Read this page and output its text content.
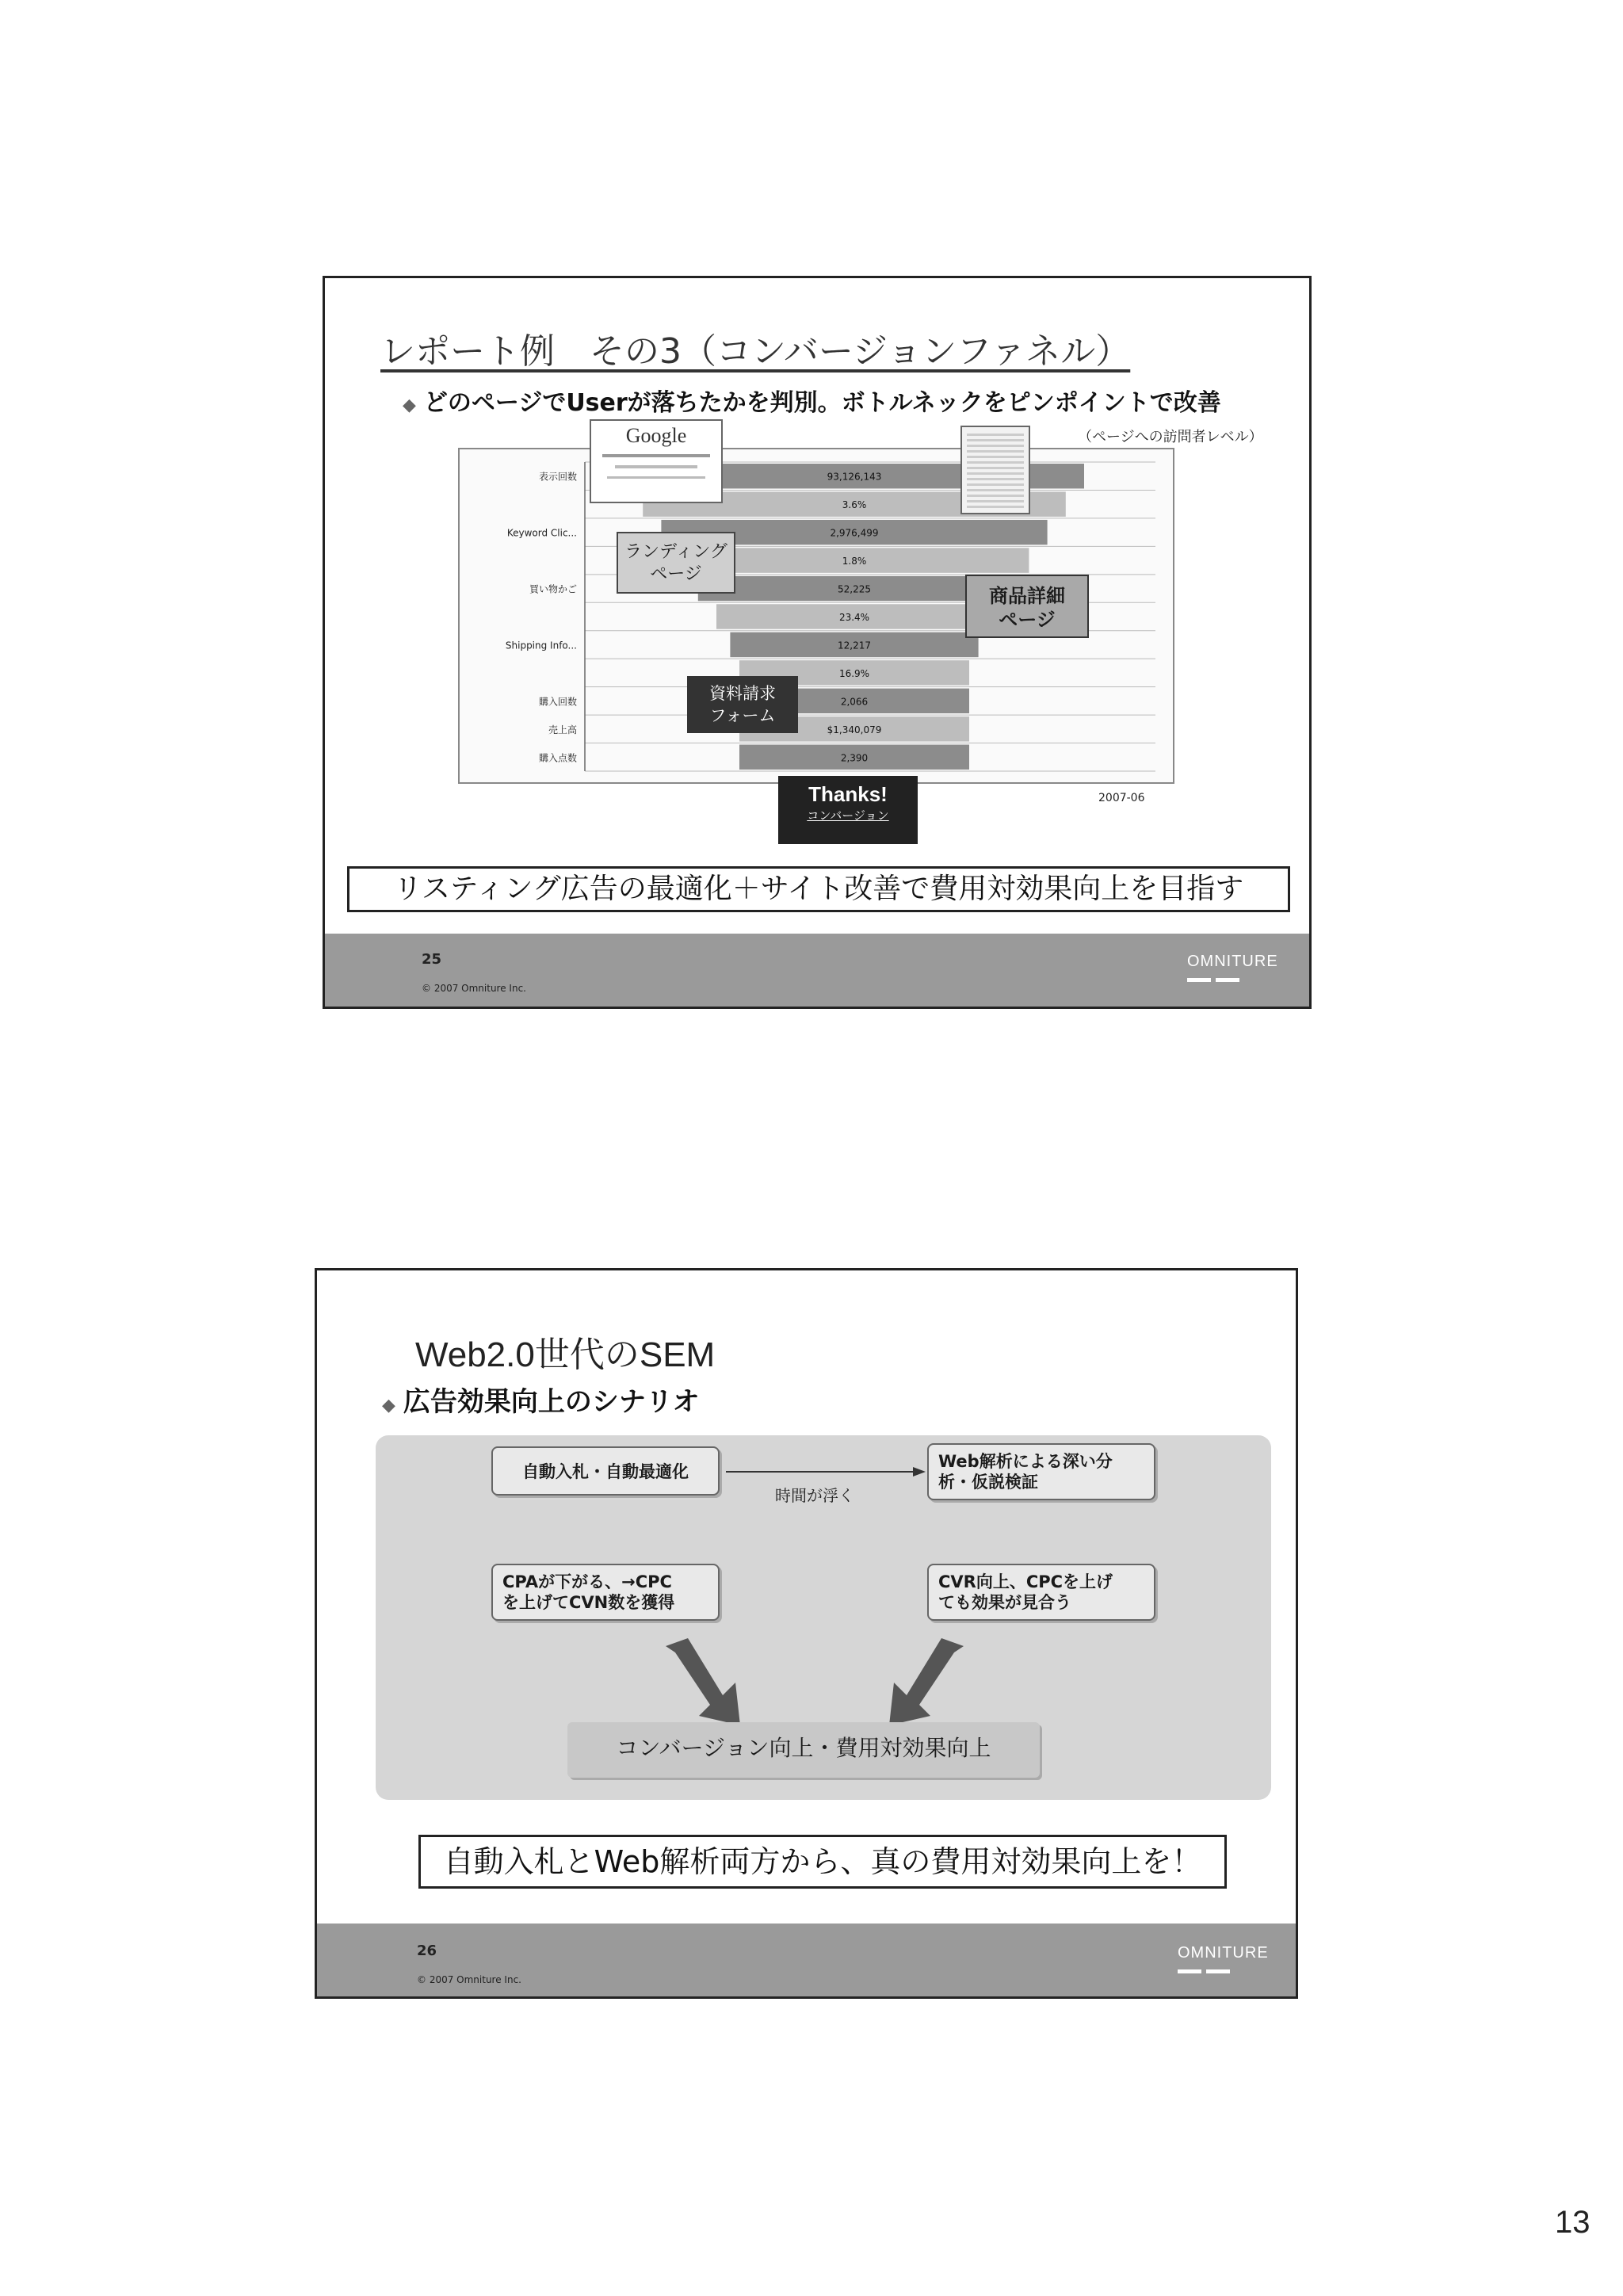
レポート例　その3（コンバージョンファネル）
◆ どのページでUserが落ちたかを判別。ボトルネックをピンポイントで改善
（ページへの訪問者レベル）
93,126,143
表示回数
3.6%
2,976,499
Keyword Clic...
1.8%
52,225
買い物かご
23.4%
12,217
Shipping Info...
16.9%
2,066
購入回数
$1,340,079
売上高
2,390
購入点数
2007-06
Google
ランディング
ページ
商品詳細
ページ
資料請求
フォーム
Thanks!
コンバージョン
リスティング広告の最適化＋サイト改善で費用対効果向上を目指す
25
© 2007 Omniture Inc.
OMNITURE
Web2.0世代のSEM
◆ 広告効果向上のシナリオ
自動入札・自動最適化
時間が浮く
Web解析による深い分
析・仮説検証
CPAが下がる、→CPC
を上げてCVN数を獲得
CVR向上、CPCを上げ
ても効果が見合う
コンバージョン向上・費用対効果向上
自動入札とWeb解析両方から、真の費用対効果向上を！
26
© 2007 Omniture Inc.
OMNITURE
13
